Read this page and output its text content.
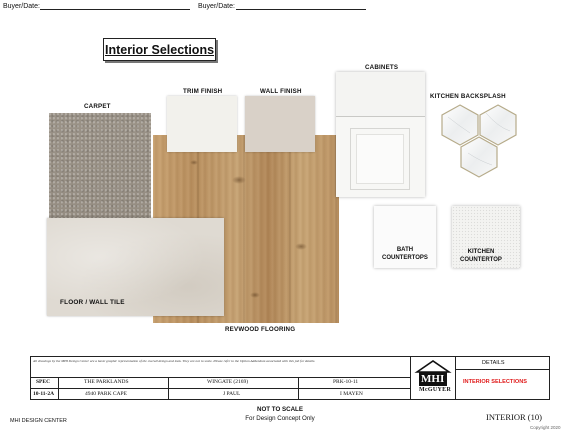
Buyer/Date:	Buyer/Date:
Interior Selections
CARPET
TRIM FINISH	WALL FINISH
FLOOR / WALL TILE
REVWOOD FLOORING
CABINETS
KITCHEN BACKSPLASH
BATH
COUNTERTOPS
KITCHEN
COUNTERTOP
All drawings by the MHI Design Center are a basic graphic representation of the overall design and look. They are not to scale. Please refer to the Option Addendum associated with this job for details.
SPEC	THE PARKLANDS	WINGATE (2169)	PRK-10-11
10-11-2A	4940 PARK CAPE	J PAUL	I MAYEN
MHI
McGUYER
DETAILS
INTERIOR SELECTIONS
MHI DESIGN CENTER
NOT TO SCALE
For Design Concept Only	INTERIOR (10)
Copyright 2020
